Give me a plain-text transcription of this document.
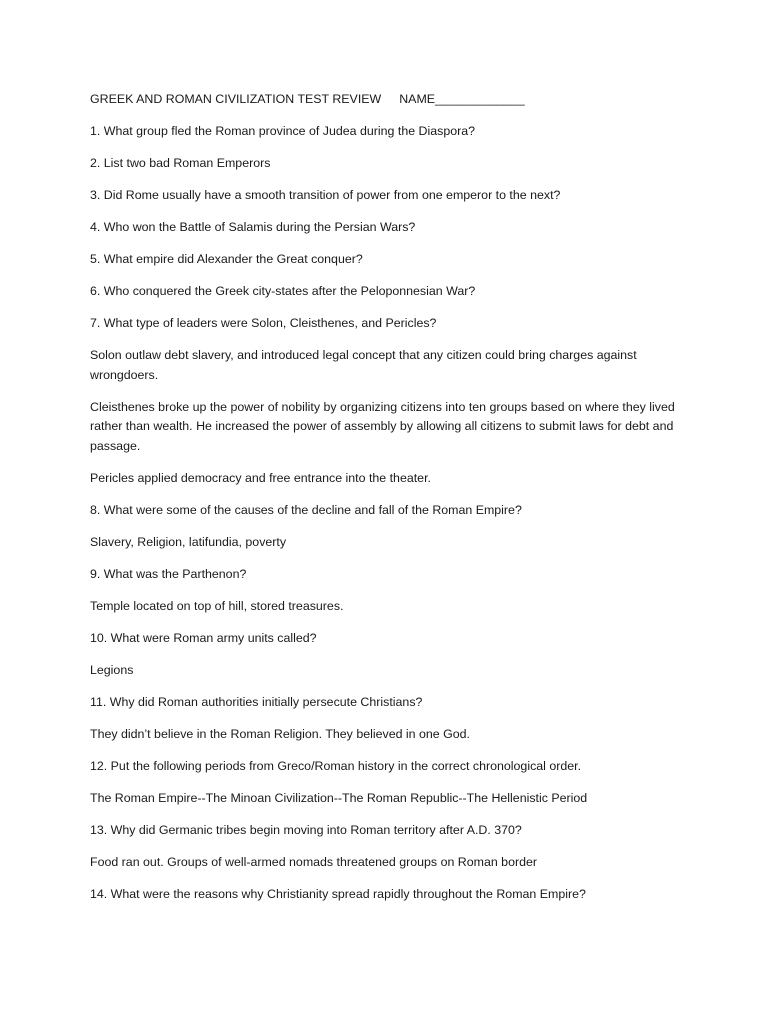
GREEK AND ROMAN CIVILIZATION TEST REVIEW NAME_____________

1. What group fled the Roman province of Judea during the Diaspora?

2. List two bad Roman Emperors

3. Did Rome usually have a smooth transition of power from one emperor to the next?

4. Who won the Battle of Salamis during the Persian Wars?

5. What empire did Alexander the Great conquer?

6. Who conquered the Greek city-states after the Peloponnesian War?

7. What type of leaders were Solon, Cleisthenes, and Pericles?

Solon outlaw debt slavery, and introduced legal concept that any citizen could bring charges against wrongdoers.

Cleisthenes broke up the power of nobility by organizing citizens into ten groups based on where they lived rather than wealth. He increased the power of assembly by allowing all citizens to submit laws for debt and passage.

Pericles applied democracy and free entrance into the theater.

8. What were some of the causes of the decline and fall of the Roman Empire?

Slavery, Religion, latifundia, poverty

9. What was the Parthenon?

Temple located on top of hill, stored treasures.

10. What were Roman army units called?

Legions

11. Why did Roman authorities initially persecute Christians?

They didn’t believe in the Roman Religion. They believed in one God.

12. Put the following periods from Greco/Roman history in the correct chronological order.

The Roman Empire--The Minoan Civilization--The Roman Republic--The Hellenistic Period

13. Why did Germanic tribes begin moving into Roman territory after A.D. 370?

Food ran out. Groups of well-armed nomads threatened groups on Roman border

14. What were the reasons why Christianity spread rapidly throughout the Roman Empire?
